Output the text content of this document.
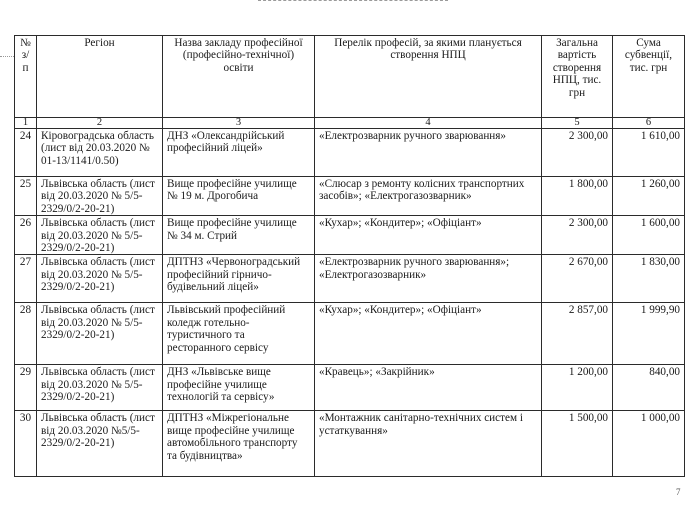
№ з/п	Регіон	Назва закладу професійної (професійно-технічної) освіти	Перелік професій, за якими планується створення НПЦ	Загальна вартість створення НПЦ, тис. грн	Сума субвенції, тис. грн
1	2	3	4	5	6
24	Кіровоградська область (лист від 20.03.2020 № 01-13/1141/0.50)	ДНЗ «Олександрійський професійний ліцей»	«Електрозварник ручного зварювання»	2 300,00	1 610,00
25	Львівська область (лист від 20.03.2020 № 5/5-2329/0/2-20-21)	Вище професійне училище № 19 м. Дрогобича	«Слюсар з ремонту колісних транспортних засобів»; «Електрогазозварник»	1 800,00	1 260,00
26	Львівська область (лист від 20.03.2020 № 5/5-2329/0/2-20-21)	Вище професійне училище № 34 м. Стрий	«Кухар»; «Кондитер»; «Офіціант»	2 300,00	1 600,00
27	Львівська область (лист від 20.03.2020 № 5/5-2329/0/2-20-21)	ДПТНЗ «Червоноградський професійний гірничо-будівельний ліцей»	«Електрозварник ручного зварювання»; «Електрогазозварник»	2 670,00	1 830,00
28	Львівська область (лист від 20.03.2020 № 5/5-2329/0/2-20-21)	Львівський професійний коледж готельно-туристичного та ресторанного сервісу	«Кухар»; «Кондитер»; «Офіціант»	2 857,00	1 999,90
29	Львівська область (лист від 20.03.2020 № 5/5-2329/0/2-20-21)	ДНЗ «Львівське вище професійне училище технологій та сервісу»	«Кравець»; «Закрійник»	1 200,00	840,00
30	Львівська область (лист від 20.03.2020 №5/5-2329/0/2-20-21)	ДПТНЗ «Міжрегіональне вище професійне училище автомобільного транспорту та будівництва»	«Монтажник санітарно-технічних систем і устаткування»	1 500,00	1 000,00
7
